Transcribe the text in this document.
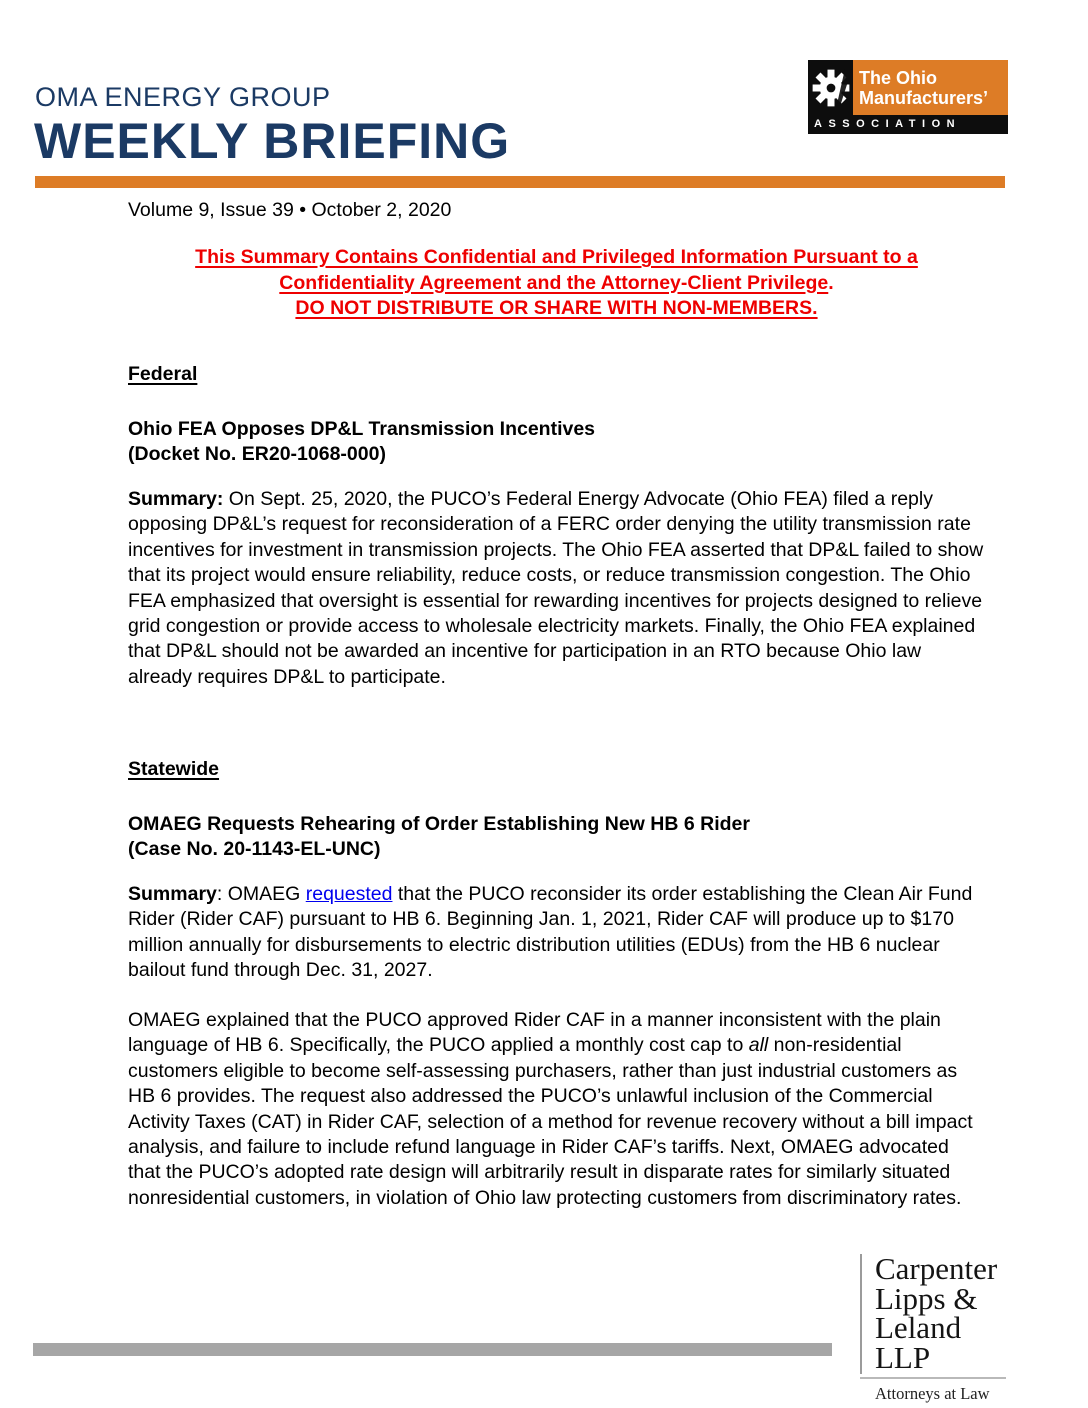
OMA ENERGY GROUP
WEEKLY BRIEFING
The Ohio
Manufacturers’
ASSOCIATION
Volume 9, Issue 39 • October 2, 2020
This Summary Contains Confidential and Privileged Information Pursuant to a
Confidentiality Agreement and the Attorney-Client Privilege.
DO NOT DISTRIBUTE OR SHARE WITH NON-MEMBERS.
Federal
Ohio FEA Opposes DP&L Transmission Incentives
(Docket No. ER20-1068-000)
Summary: On Sept. 25, 2020, the PUCO’s Federal Energy Advocate (Ohio FEA) filed a reply opposing DP&L’s request for reconsideration of a FERC order denying the utility transmission rate incentives for investment in transmission projects. The Ohio FEA asserted that DP&L failed to show that its project would ensure reliability, reduce costs, or reduce transmission congestion. The Ohio FEA emphasized that oversight is essential for rewarding incentives for projects designed to relieve grid congestion or provide access to wholesale electricity markets. Finally, the Ohio FEA explained that DP&L should not be awarded an incentive for participation in an RTO because Ohio law already requires DP&L to participate.
Statewide
OMAEG Requests Rehearing of Order Establishing New HB 6 Rider
(Case No. 20-1143-EL-UNC)
Summary: OMAEG requested that the PUCO reconsider its order establishing the Clean Air Fund Rider (Rider CAF) pursuant to HB 6. Beginning Jan. 1, 2021, Rider CAF will produce up to $170 million annually for disbursements to electric distribution utilities (EDUs) from the HB 6 nuclear bailout fund through Dec. 31, 2027.
OMAEG explained that the PUCO approved Rider CAF in a manner inconsistent with the plain language of HB 6. Specifically, the PUCO applied a monthly cost cap to all non-residential customers eligible to become self-assessing purchasers, rather than just industrial customers as HB 6 provides. The request also addressed the PUCO’s unlawful inclusion of the Commercial Activity Taxes (CAT) in Rider CAF, selection of a method for revenue recovery without a bill impact analysis, and failure to include refund language in Rider CAF’s tariffs. Next, OMAEG advocated that the PUCO’s adopted rate design will arbitrarily result in disparate rates for similarly situated nonresidential customers, in violation of Ohio law protecting customers from discriminatory rates.
Carpenter
Lipps &
Leland LLP
Attorneys at Law
